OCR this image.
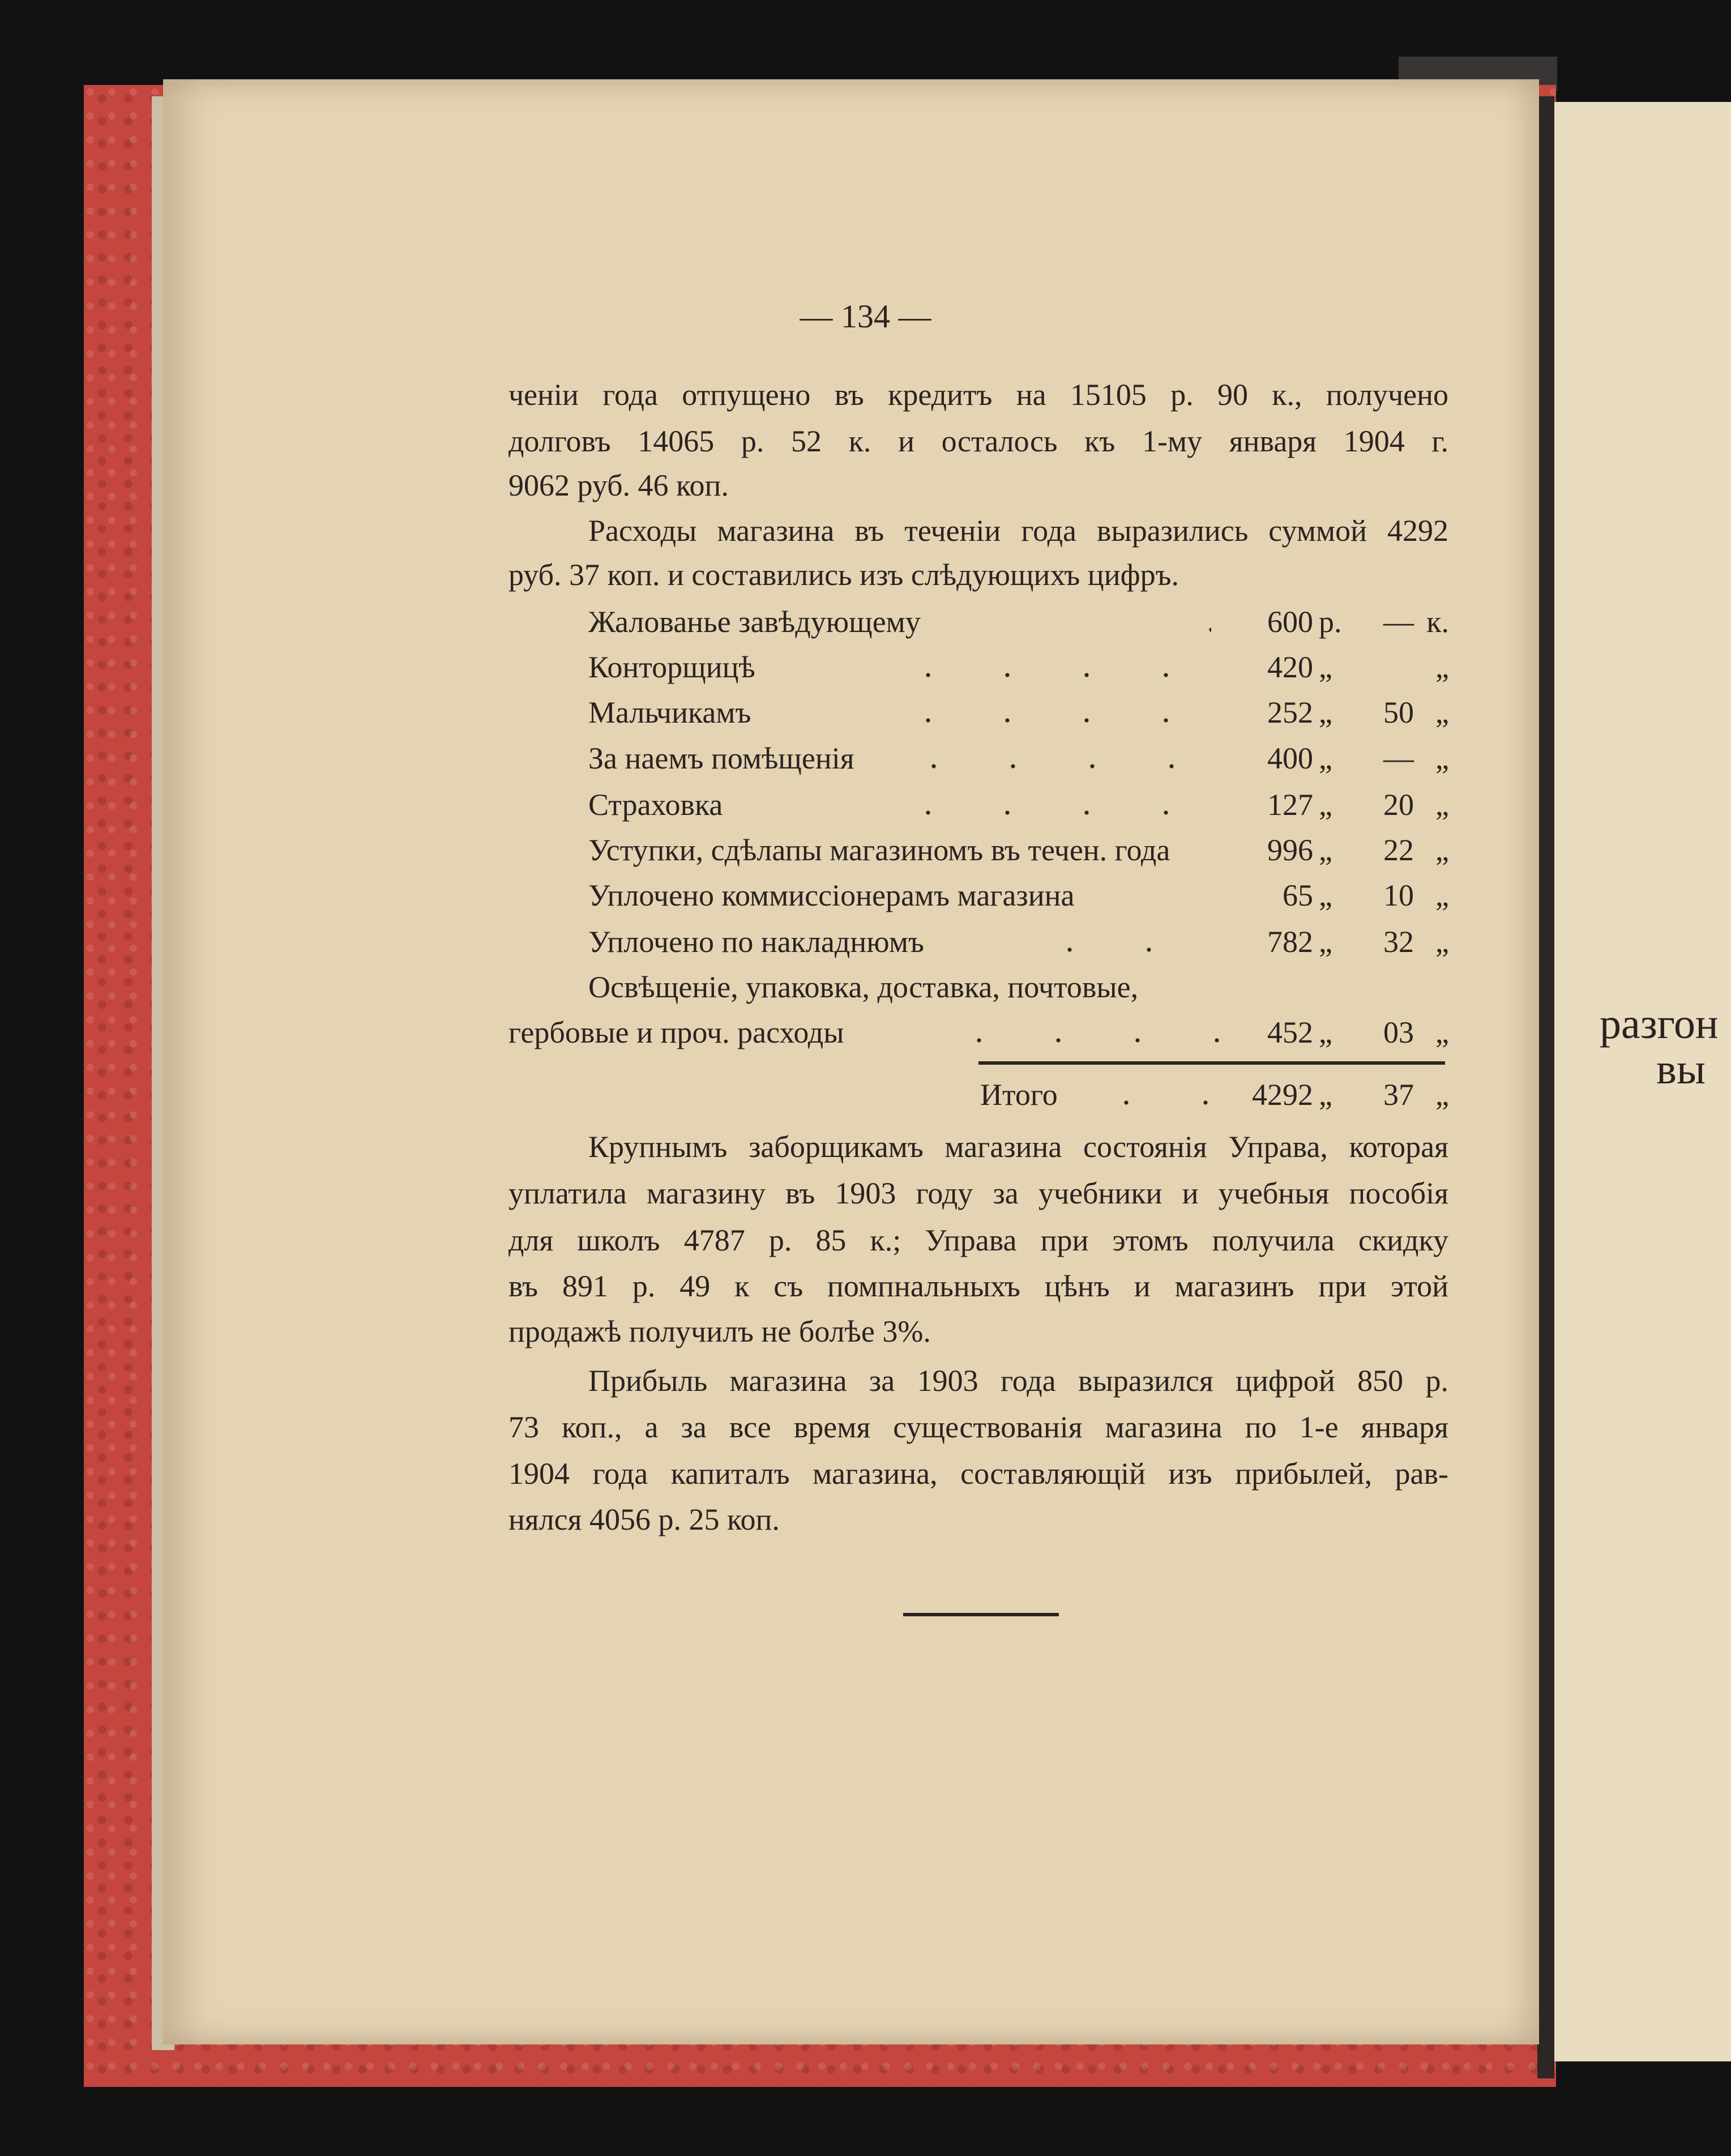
разгон
вы
— 134 —
ченіи года отпущено въ кредитъ на 15105 р. 90 к., получено
долговъ 14065 р. 52 к. и осталось къ 1-му января 1904 г.
9062 руб. 46 коп.
Расходы магазина въ теченіи года выразились суммой 4292
руб. 37 коп. и составились изъ слѣдующихъ цифръ.
Жалованье завѣдующему	600 р. — к.
Конторщицѣ	420 „	„
Мальчикамъ	252 „ 50 „
За наемъ помѣщенія	400 „ — „
Страховка	127 „ 20 „
Уступки, сдѣлапы магазиномъ въ течен. года	996 „ 22 „
Уплочено коммиссіонерамъ магазина	65 „ 10 „
Уплочено по накладнюмъ	782 „ 32 „
Освѣщеніе, упаковка, доставка, почтовые,
гербовые и проч. расходы	452 „ 03 „
Итого	4292 „ 37 „
Крупнымъ заборщикамъ магазина состоянія Управа, которая
уплатила магазину въ 1903 году за учебники и учебныя пособія
для школъ 4787 р. 85 к.; Управа при этомъ получила скидку
въ 891 р. 49 к съ помпнальныхъ цѣнъ и магазинъ при этой
продажѣ получилъ не болѣе 3%.
Прибыль магазина за 1903 года выразился цифрой 850 р.
73 коп., а за все время существованія магазина по 1-е января
1904 года капиталъ магазина, составляющій изъ прибылей, рав-
нялся 4056 р. 25 коп.
